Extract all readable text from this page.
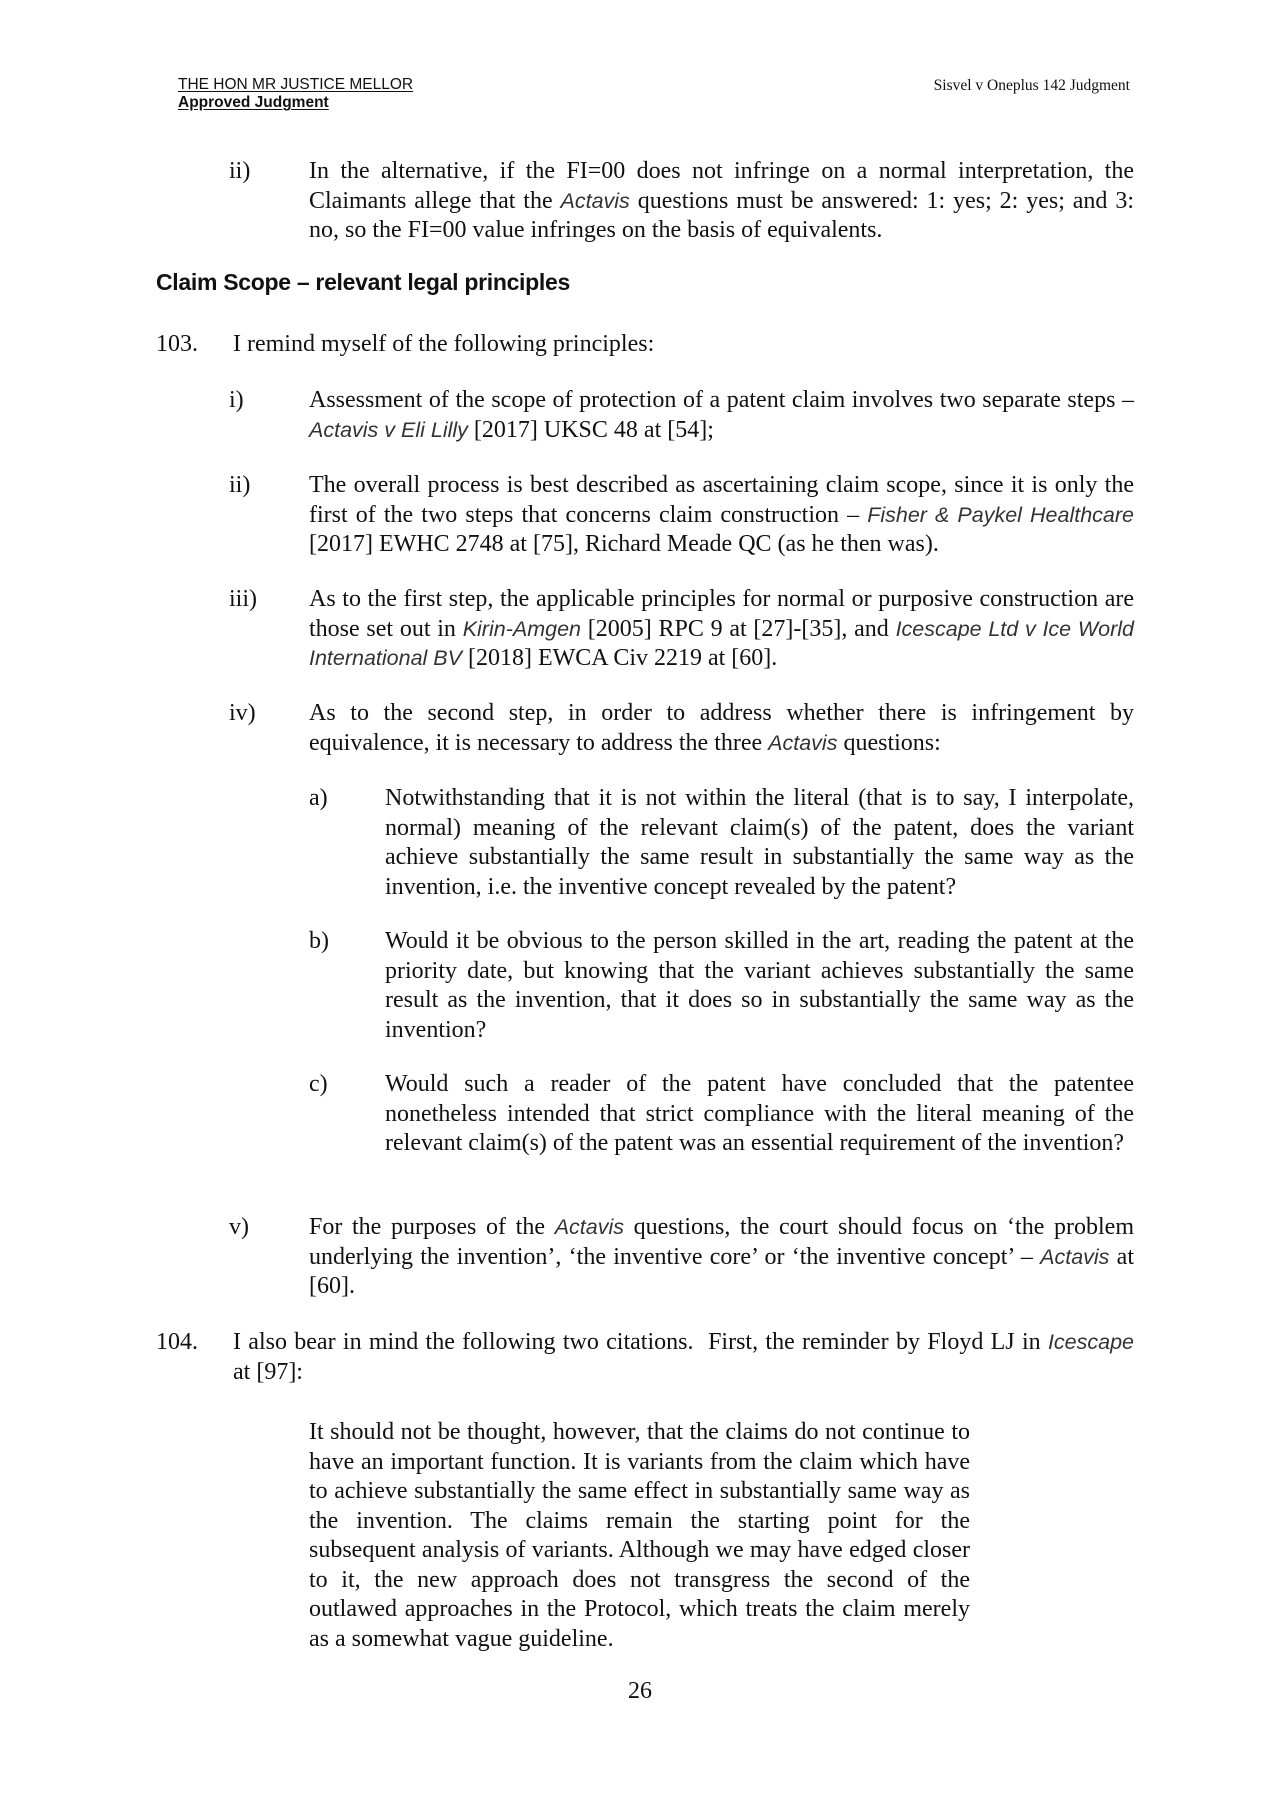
THE HON MR JUSTICE MELLOR
Approved Judgment
Sisvel v Oneplus 142 Judgment
ii) In the alternative, if the FI=00 does not infringe on a normal interpretation, the Claimants allege that the Actavis questions must be answered: 1: yes; 2: yes; and 3: no, so the FI=00 value infringes on the basis of equivalents.
Claim Scope – relevant legal principles
103. I remind myself of the following principles:
i)	Assessment of the scope of protection of a patent claim involves two separate steps – Actavis v Eli Lilly [2017] UKSC 48 at [54];
ii) The overall process is best described as ascertaining claim scope, since it is only the first of the two steps that concerns claim construction – Fisher & Paykel Healthcare [2017] EWHC 2748 at [75], Richard Meade QC (as he then was).
iii) As to the first step, the applicable principles for normal or purposive construction are those set out in Kirin-Amgen [2005] RPC 9 at [27]-[35], and Icescape Ltd v Ice World International BV [2018] EWCA Civ 2219 at [60].
iv) As to the second step, in order to address whether there is infringement by equivalence, it is necessary to address the three Actavis questions:
a) Notwithstanding that it is not within the literal (that is to say, I interpolate, normal) meaning of the relevant claim(s) of the patent, does the variant achieve substantially the same result in substantially the same way as the invention, i.e. the inventive concept revealed by the patent?
b) Would it be obvious to the person skilled in the art, reading the patent at the priority date, but knowing that the variant achieves substantially the same result as the invention, that it does so in substantially the same way as the invention?
c) Would such a reader of the patent have concluded that the patentee nonetheless intended that strict compliance with the literal meaning of the relevant claim(s) of the patent was an essential requirement of the invention?
v)	For the purposes of the Actavis questions, the court should focus on ‘the problem underlying the invention’, ‘the inventive core’ or ‘the inventive concept’ – Actavis at [60].
104. I also bear in mind the following two citations.  First, the reminder by Floyd LJ in Icescape at [97]:
It should not be thought, however, that the claims do not continue to have an important function. It is variants from the claim which have to achieve substantially the same effect in substantially same way as the invention. The claims remain the starting point for the subsequent analysis of variants. Although we may have edged closer to it, the new approach does not transgress the second of the outlawed approaches in the Protocol, which treats the claim merely as a somewhat vague guideline.
26
